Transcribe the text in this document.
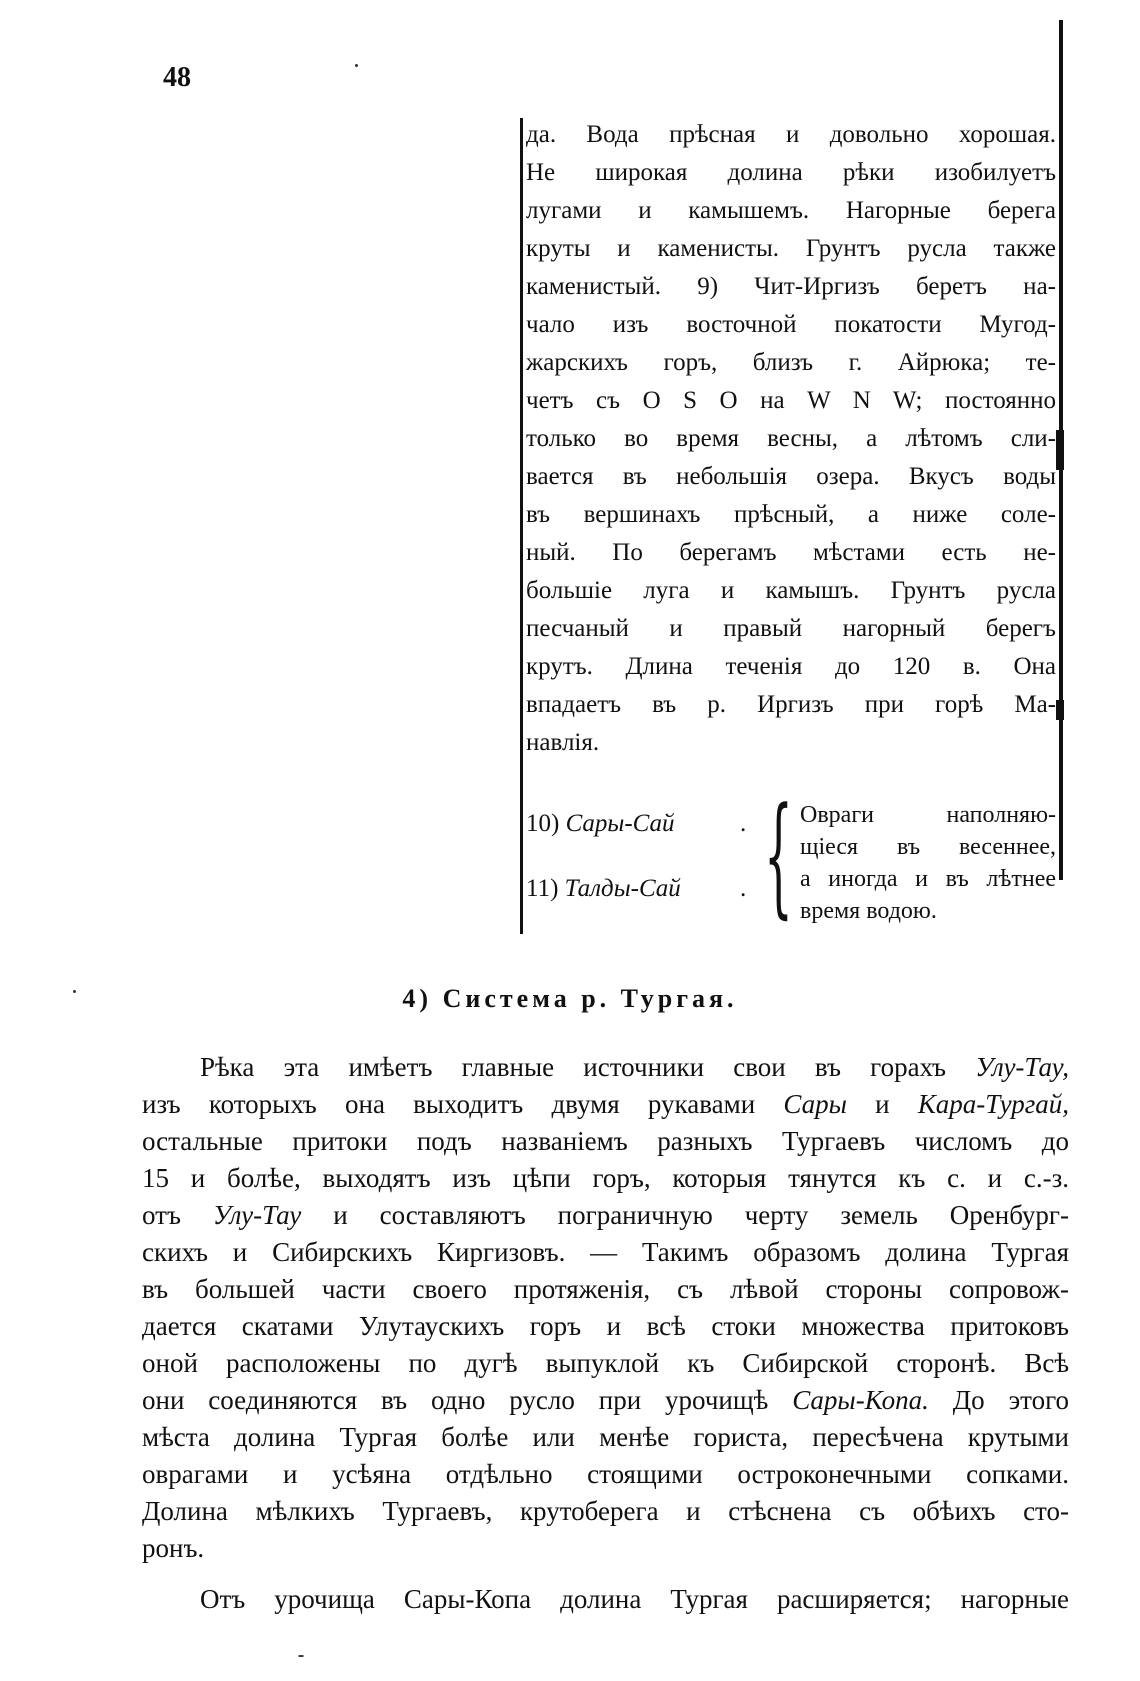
48
да. Вода прѣсная и довольно хорошая.
Не широкая долина рѣки изобилуетъ
лугами и камышемъ. Нагорные берега
круты и каменисты. Грунтъ русла также
каменистый. 9) Чит-Иргизъ беретъ на-
чало изъ восточной покатости Мугод-
жарскихъ горъ, близъ г. Айрюка; те-
четъ съ O S O на W N W; постоянно
только во время весны, а лѣтомъ сли-
вается въ небольшія озера. Вкусъ воды
въ вершинахъ прѣсный, а ниже соле-
ный. По берегамъ мѣстами есть не-
большіе луга и камышъ. Грунтъ русла
песчаный и правый нагорный берегъ
крутъ. Длина теченія до 120 в. Она
впадаетъ въ р. Иргизъ при горѣ Ма-
навлія.
10) Сары-Сай	.
11) Талды-Сай . { Овраги наполняю-
щіеся въ весеннее,
а иногда и въ лѣтнее
время водою.
4) Система р. Тургая.
Рѣка эта имѣетъ главные источники свои въ горахъ Улу-Тау,
изъ которыхъ она выходитъ двумя рукавами Сары и Кара-Тургай,
остальные притоки подъ названіемъ разныхъ Тургаевъ числомъ до
15 и болѣе, выходятъ изъ цѣпи горъ, которыя тянутся къ с. и с.-з.
отъ Улу-Тау и составляютъ пограничную черту земель Оренбург-
скихъ и Сибирскихъ Киргизовъ. — Такимъ образомъ долина Тургая
въ большей части своего протяженія, съ лѣвой стороны сопровож-
дается скатами Улутаускихъ горъ и всѣ стоки множества притоковъ
оной расположены по дугѣ выпуклой къ Сибирской сторонѣ. Всѣ
они соединяются въ одно русло при урочищѣ Сары-Копа. До этого
мѣста долина Тургая болѣе или менѣе гориста, пересѣчена крутыми
оврагами и усѣяна отдѣльно стоящими остроконечными сопками.
Долина мѣлкихъ Тургаевъ, крутоберега и стѣснена съ обѣихъ сто-
ронъ.
Отъ урочища Сары-Копа долина Тургая расширяется; нагорные
